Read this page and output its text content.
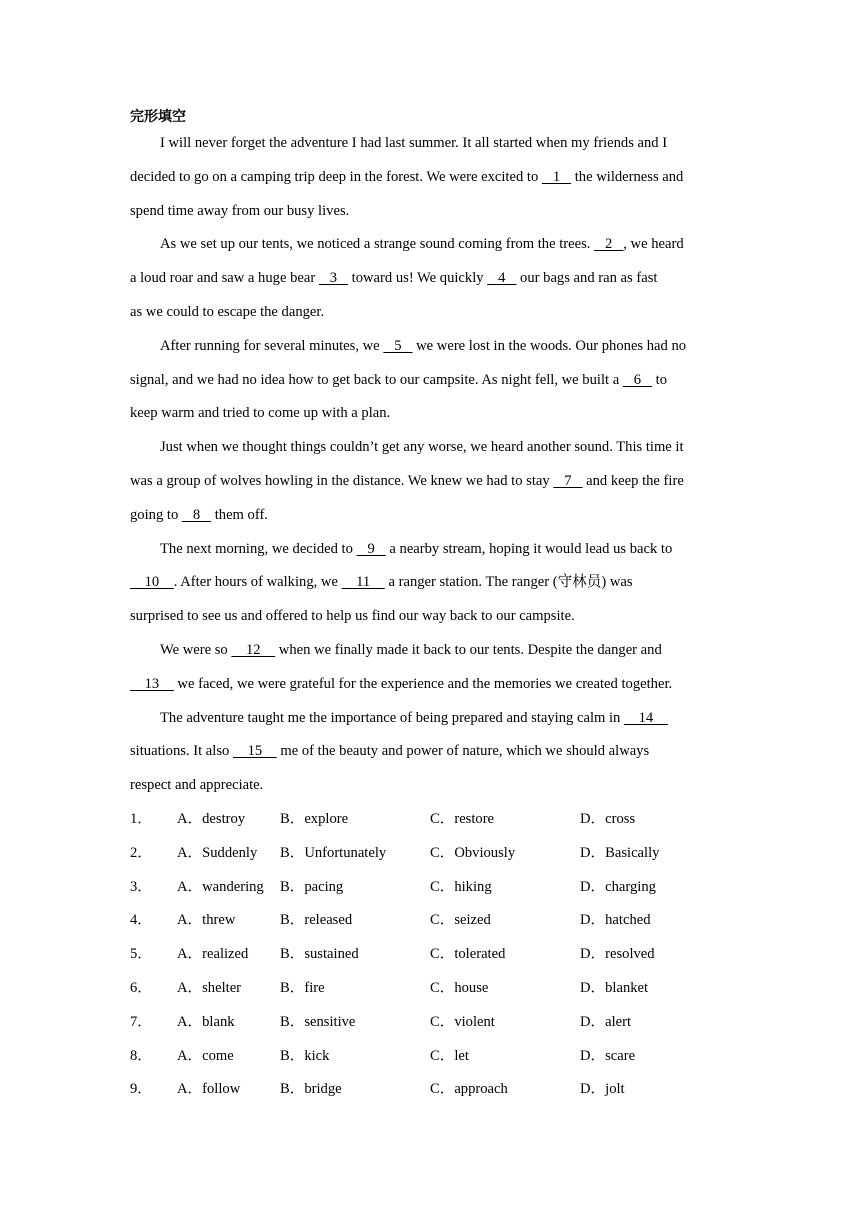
完形填空
I will never forget the adventure I had last summer. It all started when my friends and I
decided to go on a camping trip deep in the forest. We were excited to    1    the wilderness and
spend time away from our busy lives.
As we set up our tents, we noticed a strange sound coming from the trees.    2   , we heard
a loud roar and saw a huge bear    3    toward us! We quickly    4    our bags and ran as fast
as we could to escape the danger.
After running for several minutes, we    5    we were lost in the woods. Our phones had no
signal, and we had no idea how to get back to our campsite. As night fell, we built a    6    to
keep warm and tried to come up with a plan.
Just when we thought things couldn’t get any worse, we heard another sound. This time it
was a group of wolves howling in the distance. We knew we had to stay    7    and keep the fire
going to    8    them off.
The next morning, we decided to    9    a nearby stream, hoping it would lead us back to
10    . After hours of walking, we     11     a ranger station. The ranger (守林员) was
surprised to see us and offered to help us find our way back to our campsite.
We were so     12     when we finally made it back to our tents. Despite the danger and
13     we faced, we were grateful for the experience and the memories we created together.
The adventure taught me the importance of being prepared and staying calm in     14
situations. It also     15     me of the beauty and power of nature, which we should always
respect and appreciate.
1． A．destroy B．explore	C．restore	D．cross
2． A．Suddenly B．Unfortunately	C．Obviously	D．Basically
3． A．wandering B．pacing	C．hiking	D．charging
4． A．threw	B．released	C．seized	D．hatched
5． A．realized B．sustained	C．tolerated	D．resolved
6． A．shelter	B．fire	C．house	D．blanket
7． A．blank	B．sensitive	C．violent	D．alert
8． A．come	B．kick	C．let	D．scare
9． A．follow	B．bridge	C．approach	D．jolt
